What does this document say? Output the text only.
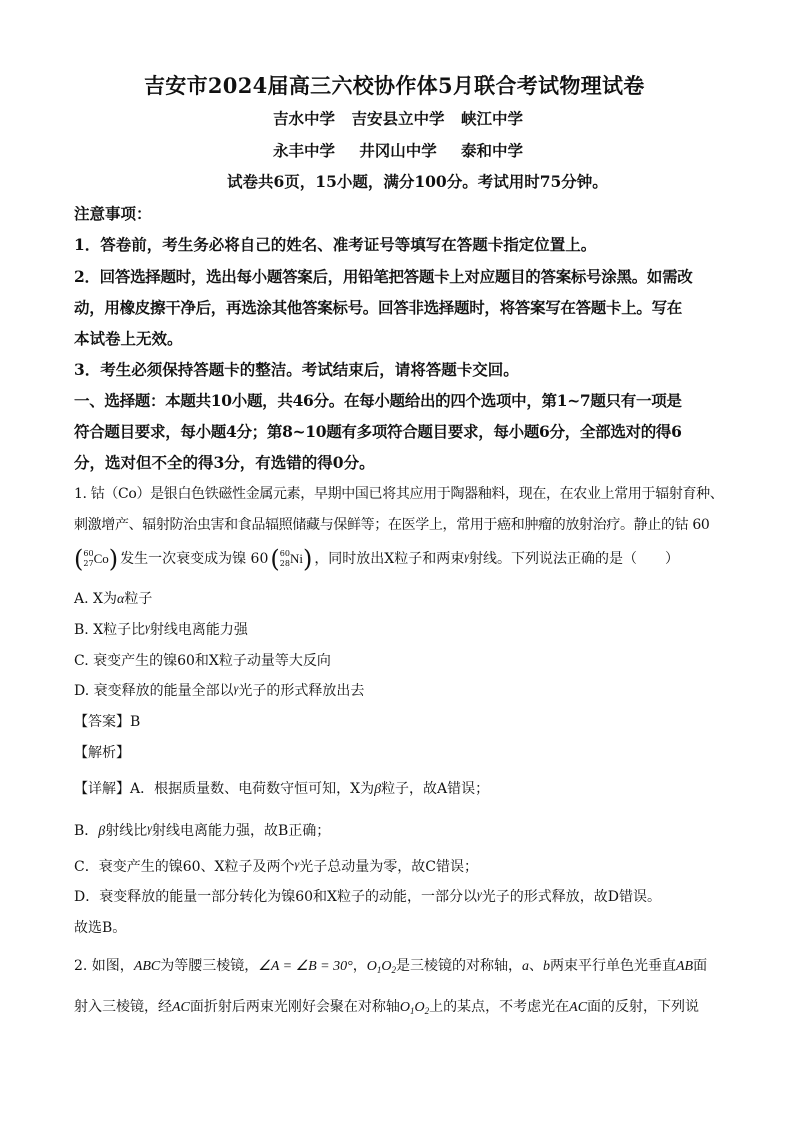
吉安市2024届高三六校协作体5月联合考试物理试卷
吉水中学 吉安县立中学 峡江中学
永丰中学 井冈山中学 泰和中学
试卷共6页，15小题，满分100分。考试用时75分钟。
注意事项：
1．答卷前，考生务必将自己的姓名、准考证号等填写在答题卡指定位置上。
2．回答选择题时，选出每小题答案后，用铅笔把答题卡上对应题目的答案标号涂黑。如需改
动，用橡皮擦干净后，再选涂其他答案标号。回答非选择题时，将答案写在答题卡上。写在
本试卷上无效。
3．考生必须保持答题卡的整洁。考试结束后，请将答题卡交回。
一、选择题：本题共10小题，共46分。在每小题给出的四个选项中，第1~7题只有一项是
符合题目要求，每小题4分；第8~10题有多项符合题目要求，每小题6分，全部选对的得6
分，选对但不全的得3分，有选错的得0分。
1. 钴（Co）是银白色铁磁性金属元素，早期中国已将其应用于陶器釉料，现在，在农业上常用于辐射育种、
刺激增产、辐射防治虫害和食品辐照储藏与保鲜等；在医学上，常用于癌和肿瘤的放射治疗。静止的钴 60
( 60
27 Co) 发生一次衰变成为镍 60( 60
28 Ni) ，同时放出X粒子和两束γ射线。下列说法正确的是（　　）
A. X为α粒子
B. X粒子比γ射线电离能力强
C. 衰变产生的镍60和X粒子动量等大反向
D. 衰变释放的能量全部以γ光子的形式释放出去
【答案】B
【解析】
【详解】A．根据质量数、电荷数守恒可知，X为β粒子，故A错误；
B．β射线比γ射线电离能力强，故B正确；
C．衰变产生的镍60、X粒子及两个γ光子总动量为零，故C错误；
D．衰变释放的能量一部分转化为镍60和X粒子的动能，一部分以γ光子的形式释放，故D错误。
故选B。
2. 如图，ABC为等腰三棱镜，∠A = ∠B = 30°，$O_1O_2$是三棱镜的对称轴，a、b两束平行单色光垂直AB面
射入三棱镜，经AC面折射后两束光刚好会聚在对称轴$O_1O_2$上的某点，不考虑光在AC面的反射，下列说
